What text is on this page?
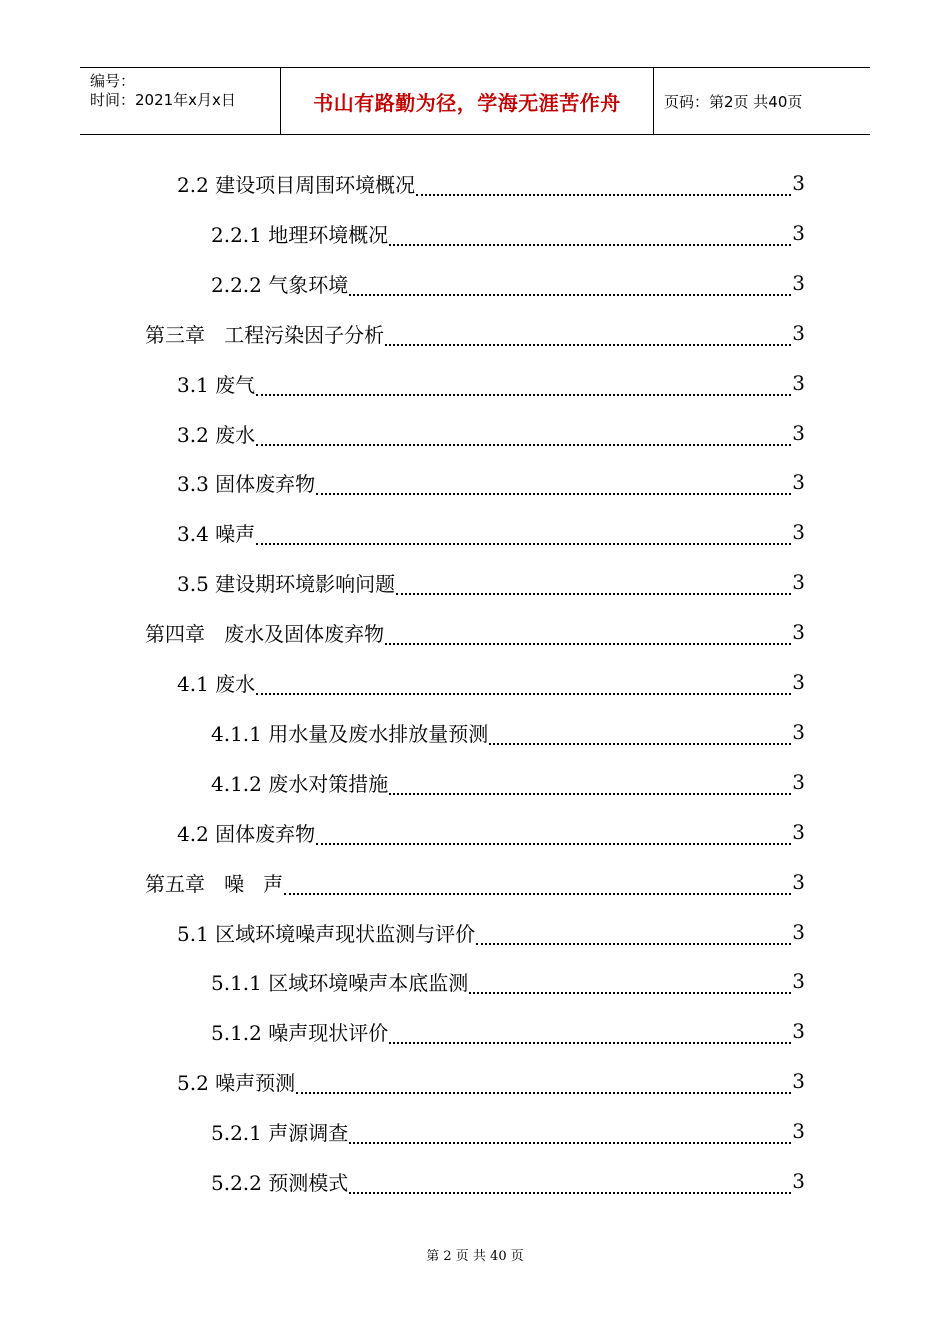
编号：
时间：2021年x月x日	书山有路勤为径，学海无涯苦作舟	页码：第2页 共40页
2.2 建设项目周围环境概况	3
2.2.1 地理环境概况	3
2.2.2 气象环境	3
第三章   工程污染因子分析	3
3.1 废气	3
3.2 废水	3
3.3 固体废弃物	3
3.4 噪声	3
3.5 建设期环境影响问题	3
第四章   废水及固体废弃物	3
4.1 废水	3
4.1.1 用水量及废水排放量预测	3
4.1.2 废水对策措施	3
4.2 固体废弃物	3
第五章   噪   声	3
5.1 区域环境噪声现状监测与评价	3
5.1.1 区域环境噪声本底监测	3
5.1.2 噪声现状评价	3
5.2 噪声预测	3
5.2.1 声源调查	3
5.2.2 预测模式	3
第 2 页 共 40 页
